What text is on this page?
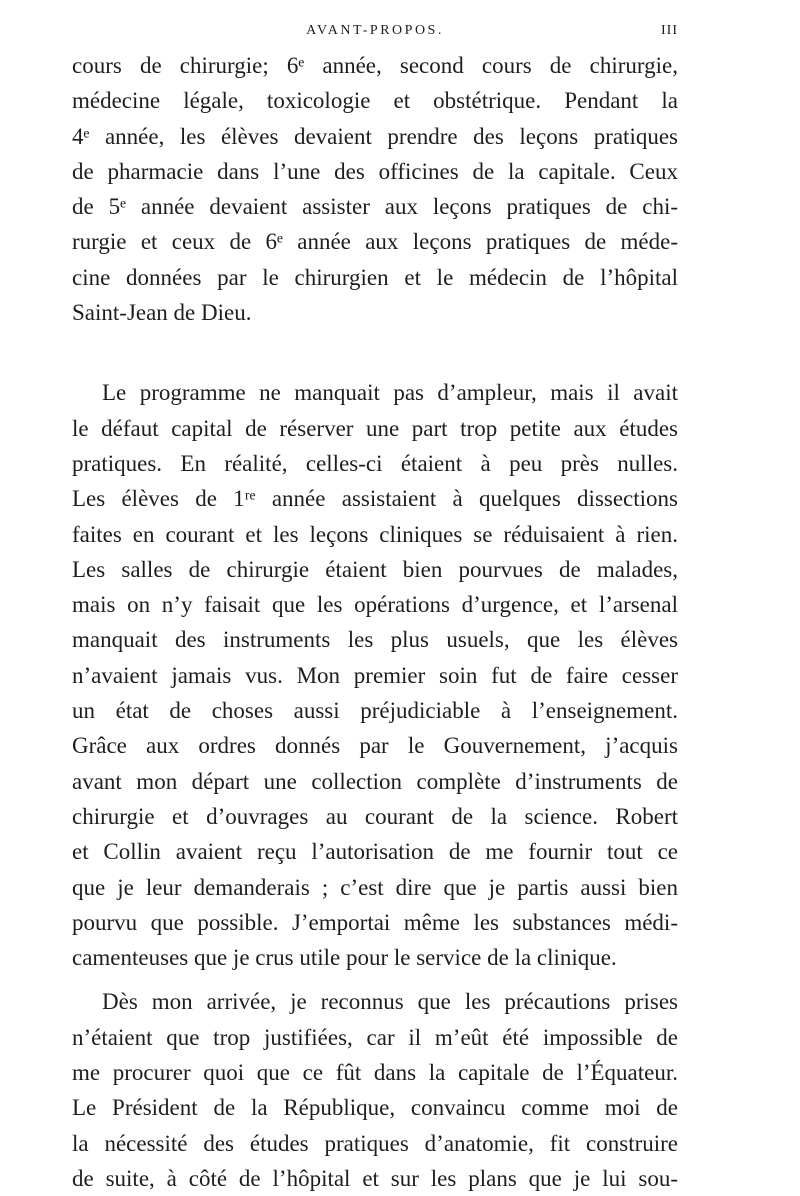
AVANT-PROPOS.	III
cours de chirurgie; 6ᵉ année, second cours de chirurgie,
médecine légale, toxicologie et obstétrique. Pendant la
4ᵉ année, les élèves devaient prendre des leçons pratiques
de pharmacie dans l’une des officines de la capitale. Ceux
de 5ᵉ année devaient assister aux leçons pratiques de chi-
rurgie et ceux de 6ᵉ année aux leçons pratiques de méde-
cine données par le chirurgien et le médecin de l’hôpital
Saint-Jean de Dieu.
Le programme ne manquait pas d’ampleur, mais il avait
le défaut capital de réserver une part trop petite aux études
pratiques. En réalité, celles-ci étaient à peu près nulles.
Les élèves de 1ʳᵉ année assistaient à quelques dissections
faites en courant et les leçons cliniques se réduisaient à rien.
Les salles de chirurgie étaient bien pourvues de malades,
mais on n’y faisait que les opérations d’urgence, et l’arsenal
manquait des instruments les plus usuels, que les élèves
n’avaient jamais vus. Mon premier soin fut de faire cesser
un état de choses aussi préjudiciable à l’enseignement.
Grâce aux ordres donnés par le Gouvernement, j’acquis
avant mon départ une collection complète d’instruments de
chirurgie et d’ouvrages au courant de la science. Robert
et Collin avaient reçu l’autorisation de me fournir tout ce
que je leur demanderais ; c’est dire que je partis aussi bien
pourvu que possible. J’emportai même les substances médi-
camenteuses que je crus utile pour le service de la clinique.
Dès mon arrivée, je reconnus que les précautions prises
n’étaient que trop justifiées, car il m’eût été impossible de
me procurer quoi que ce fût dans la capitale de l’Équateur.
Le Président de la République, convaincu comme moi de
la nécessité des études pratiques d’anatomie, fit construire
de suite, à côté de l’hôpital et sur les plans que je lui sou-
